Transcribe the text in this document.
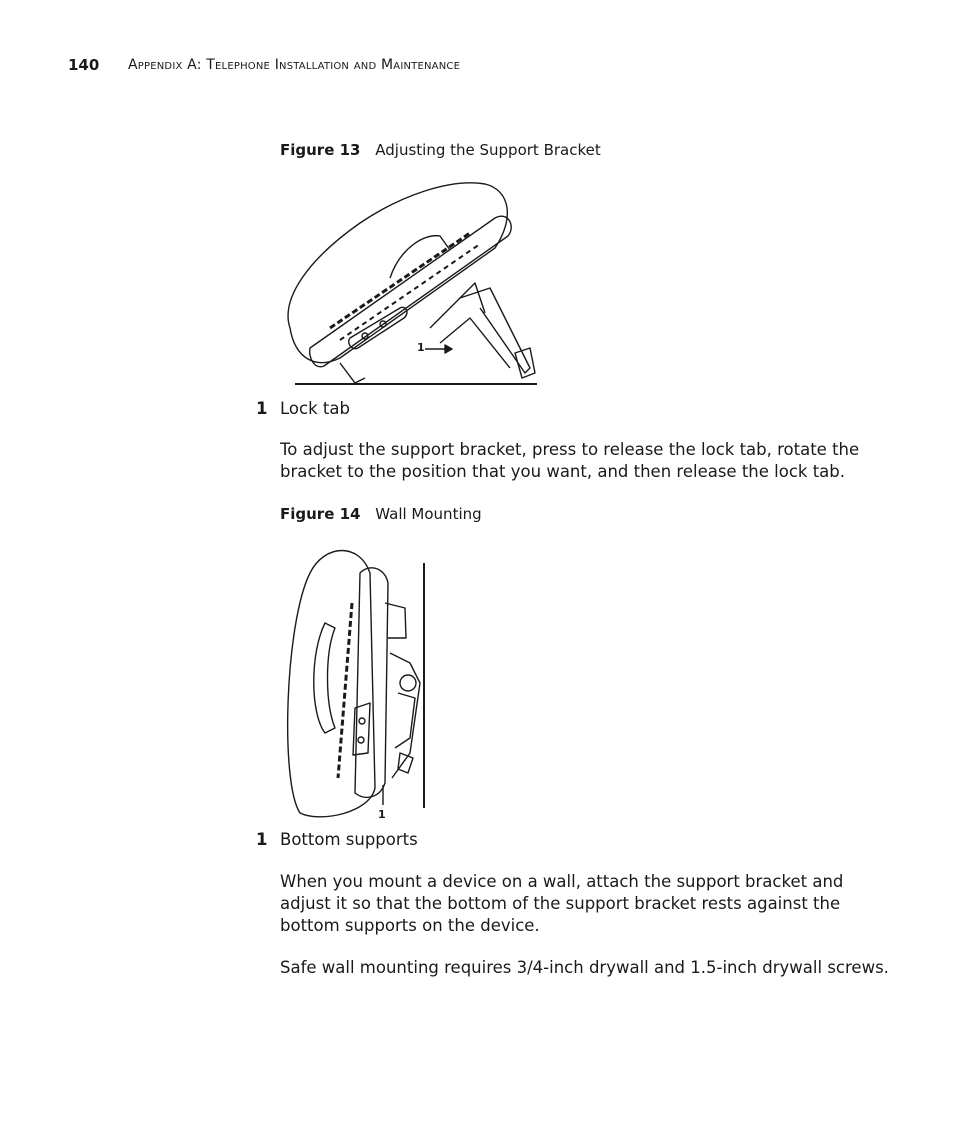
140 Appendix A: Telephone Installation and Maintenance
Figure 13 Adjusting the Support Bracket
1
1 Lock tab
To adjust the support bracket, press to release the lock tab, rotate the bracket to the position that you want, and then release the lock tab.
Figure 14 Wall Mounting
1
1 Bottom supports
When you mount a device on a wall, attach the support bracket and adjust it so that the bottom of the support bracket rests against the bottom supports on the device.
Safe wall mounting requires 3/4-inch drywall and 1.5-inch drywall screws.
